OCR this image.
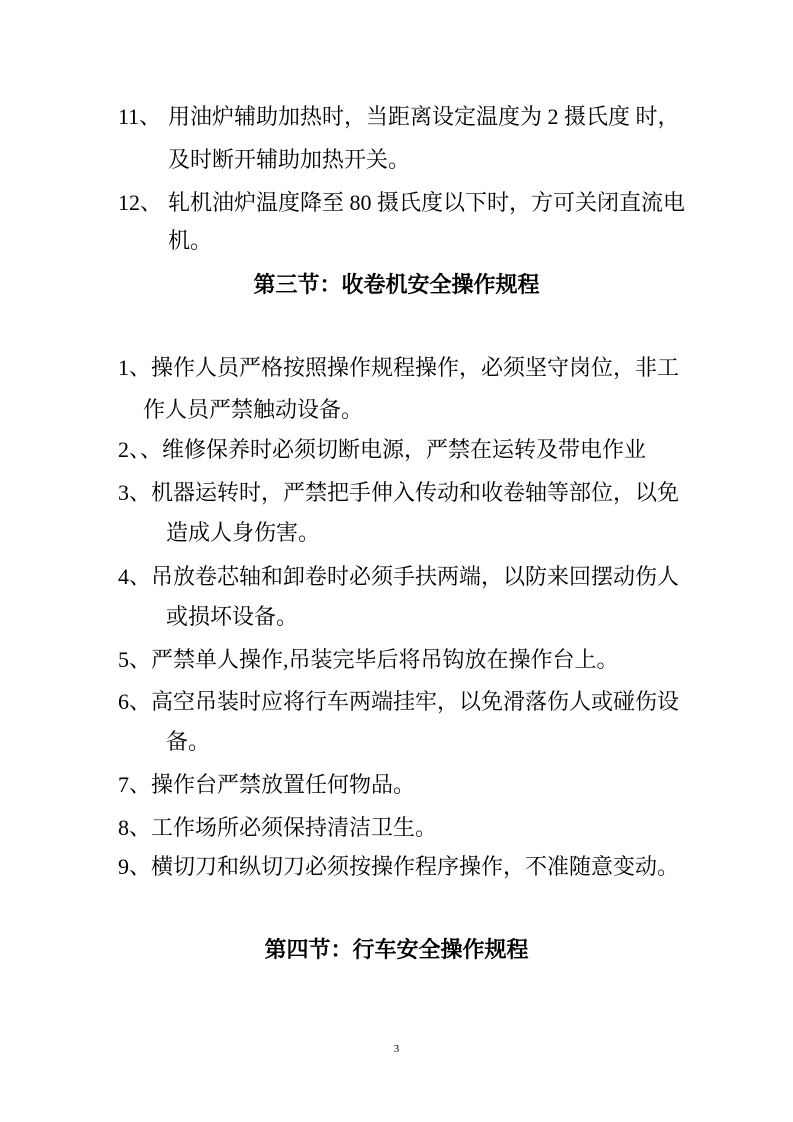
11、 用油炉辅助加热时，当距离设定温度为 2 摄氏度 时，
及时断开辅助加热开关。
12、 轧机油炉温度降至 80 摄氏度以下时，方可关闭直流电
机。
第三节：收卷机安全操作规程
1、操作人员严格按照操作规程操作，必须坚守岗位，非工
作人员严禁触动设备。
2、、维修保养时必须切断电源，严禁在运转及带电作业
3、机器运转时，严禁把手伸入传动和收卷轴等部位，以免
造成人身伤害。
4、吊放卷芯轴和卸卷时必须手扶两端，以防来回摆动伤人
或损坏设备。
5、严禁单人操作,吊装完毕后将吊钩放在操作台上。
6、高空吊装时应将行车两端挂牢，以免滑落伤人或碰伤设
备。
7、操作台严禁放置任何物品。
8、工作场所必须保持清洁卫生。
9、横切刀和纵切刀必须按操作程序操作，不准随意变动。
第四节：行车安全操作规程
3
